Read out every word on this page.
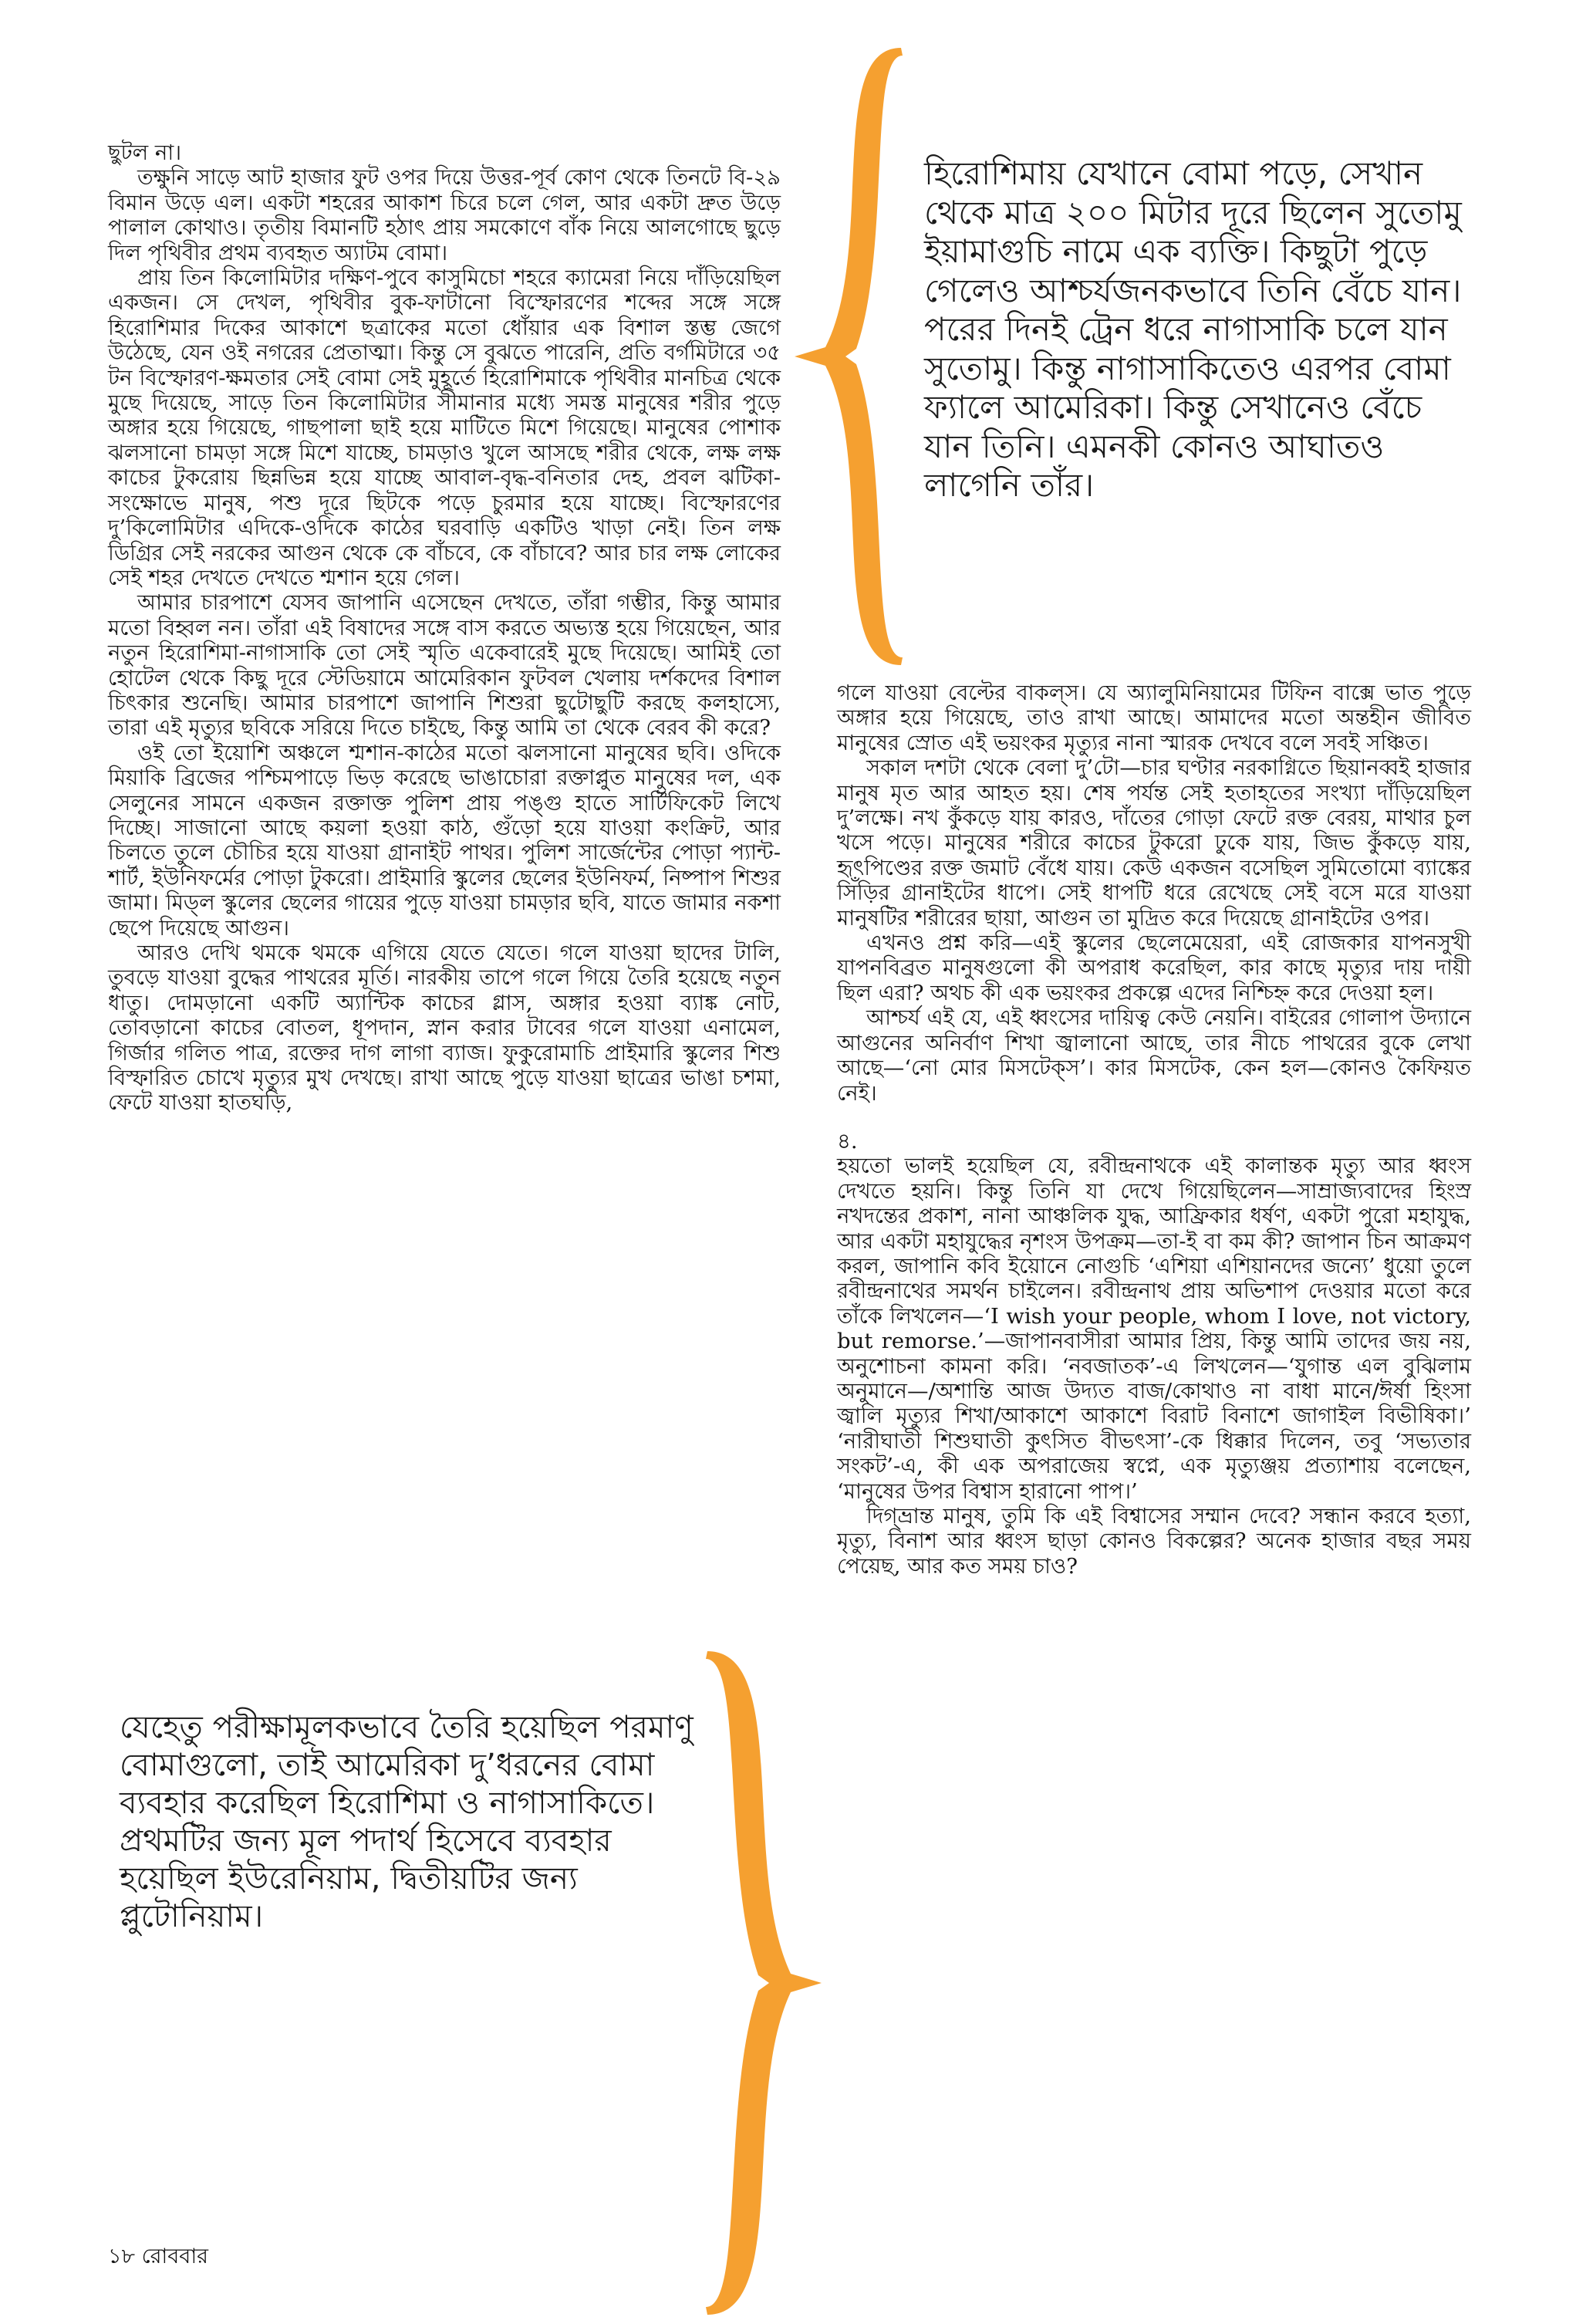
হিরোশিমায় যেখানে বোমা পড়ে, সেখান থেকে মাত্র ২০০ মিটার দূরে ছিলেন সুতোমু ইয়ামাগুচি নামে এক ব্যক্তি। কিছুটা পুড়ে গেলেও আশ্চর্যজনকভাবে তিনি বেঁচে যান। পরের দিনই ট্রেন ধরে নাগাসাকি চলে যান সুতোমু। কিন্তু নাগাসাকিতেও এরপর বোমা ফ্যালে আমেরিকা। কিন্তু সেখানেও বেঁচে যান তিনি। এমনকী কোনও আঘাতও লাগেনি তাঁর।

ছুটল না।

তক্ষুনি সাড়ে আট হাজার ফুট ওপর দিয়ে উত্তর-পূর্ব কোণ থেকে তিনটে বি-২৯ বিমান উড়ে এল। একটা শহরের আকাশ চিরে চলে গেল, আর একটা দ্রুত উড়ে পালাল কোথাও। তৃতীয় বিমানটি হঠাৎ প্রায় সমকোণে বাঁক নিয়ে আলগোছে ছুড়ে দিল পৃথিবীর প্রথম ব্যবহৃত অ্যাটম বোমা।

প্রায় তিন কিলোমিটার দক্ষিণ-পুবে কাসুমিচো শহরে ক্যামেরা নিয়ে দাঁড়িয়েছিল একজন। সে দেখল, পৃথিবীর বুক-ফাটানো বিস্ফোরণের শব্দের সঙ্গে সঙ্গে হিরোশিমার দিকের আকাশে ছত্রাকের মতো ধোঁয়ার এক বিশাল স্তম্ভ জেগে উঠেছে, যেন ওই নগরের প্রেতাত্মা। কিন্তু সে বুঝতে পারেনি, প্রতি বর্গমিটারে ৩৫ টন বিস্ফোরণ-ক্ষমতার সেই বোমা সেই মুহূর্তে হিরোশিমাকে পৃথিবীর মানচিত্র থেকে মুছে দিয়েছে, সাড়ে তিন কিলোমিটার সীমানার মধ্যে সমস্ত মানুষের শরীর পুড়ে অঙ্গার হয়ে গিয়েছে, গাছপালা ছাই হয়ে মাটিতে মিশে গিয়েছে। মানুষের পোশাক ঝলসানো চামড়া সঙ্গে মিশে যাচ্ছে, চামড়াও খুলে আসছে শরীর থেকে, লক্ষ লক্ষ কাচের টুকরোয় ছিন্নভিন্ন হয়ে যাচ্ছে আবাল-বৃদ্ধ-বনিতার দেহ, প্রবল ঝটিকা-সংক্ষোভে মানুষ, পশু দূরে ছিটকে পড়ে চুরমার হয়ে যাচ্ছে। বিস্ফোরণের দু’কিলোমিটার এদিকে-ওদিকে কাঠের ঘরবাড়ি একটিও খাড়া নেই। তিন লক্ষ ডিগ্রির সেই নরকের আগুন থেকে কে বাঁচবে, কে বাঁচাবে? আর চার লক্ষ লোকের সেই শহর দেখতে দেখতে শ্মশান হয়ে গেল।

আমার চারপাশে যেসব জাপানি এসেছেন দেখতে, তাঁরা গম্ভীর, কিন্তু আমার মতো বিহ্বল নন। তাঁরা এই বিষাদের সঙ্গে বাস করতে অভ্যস্ত হয়ে গিয়েছেন, আর নতুন হিরোশিমা-নাগাসাকি তো সেই স্মৃতি একেবারেই মুছে দিয়েছে। আমিই তো হোটেল থেকে কিছু দূরে স্টেডিয়ামে আমেরিকান ফুটবল খেলায় দর্শকদের বিশাল চিৎকার শুনেছি। আমার চারপাশে জাপানি শিশুরা ছুটোছুটি করছে কলহাস্যে, তারা এই মৃত্যুর ছবিকে সরিয়ে দিতে চাইছে, কিন্তু আমি তা থেকে বেরব কী করে?

ওই তো ইয়োশি অঞ্চলে শ্মশান-কাঠের মতো ঝলসানো মানুষের ছবি। ওদিকে মিয়াকি ব্রিজের পশ্চিমপাড়ে ভিড় করেছে ভাঙাচোরা রক্তাপ্লুত মানুষের দল, এক সেলুনের সামনে একজন রক্তাক্ত পুলিশ প্রায় পঙ্গু হাতে সার্টিফিকেট লিখে দিচ্ছে। সাজানো আছে কয়লা হওয়া কাঠ, গুঁড়ো হয়ে যাওয়া কংক্রিট, আর চিলতে তুলে চৌচির হয়ে যাওয়া গ্রানাইট পাথর। পুলিশ সার্জেন্টের পোড়া প্যান্ট-শার্ট, ইউনিফর্মের পোড়া টুকরো। প্রাইমারি স্কুলের ছেলের ইউনিফর্ম, নিষ্পাপ শিশুর জামা। মিড্‌ল স্কুলের ছেলের গায়ের পুড়ে যাওয়া চামড়ার ছবি, যাতে জামার নকশা ছেপে দিয়েছে আগুন।

আরও দেখি থমকে থমকে এগিয়ে যেতে যেতে। গলে যাওয়া ছাদের টালি, তুবড়ে যাওয়া বুদ্ধের পাথরের মূর্তি। নারকীয় তাপে গলে গিয়ে তৈরি হয়েছে নতুন ধাতু। দোমড়ানো একটি অ্যান্টিক কাচের গ্লাস, অঙ্গার হওয়া ব্যাঙ্ক নোট, তোবড়ানো কাচের বোতল, ধূপদান, স্নান করার টাবের গলে যাওয়া এনামেল, গির্জার গলিত পাত্র, রক্তের দাগ লাগা ব্যাজ। ফুকুরোমাচি প্রাইমারি স্কুলের শিশু বিস্ফারিত চোখে মৃত্যুর মুখ দেখছে। রাখা আছে পুড়ে যাওয়া ছাত্রের ভাঙা চশমা, ফেটে যাওয়া হাতঘড়ি,

গলে যাওয়া বেল্টের বাকল্‌স। যে অ্যালুমিনিয়ামের টিফিন বাক্সে ভাত পুড়ে অঙ্গার হয়ে গিয়েছে, তাও রাখা আছে। আমাদের মতো অন্তহীন জীবিত মানুষের স্রোত এই ভয়ংকর মৃত্যুর নানা স্মারক দেখবে বলে সবই সঞ্চিত।

সকাল দশটা থেকে বেলা দু’টো—চার ঘণ্টার নরকাগ্নিতে ছিয়ানব্বই হাজার মানুষ মৃত আর আহত হয়। শেষ পর্যন্ত সেই হতাহতের সংখ্যা দাঁড়িয়েছিল দু’লক্ষে। নখ কুঁকড়ে যায় কারও, দাঁতের গোড়া ফেটে রক্ত বেরয়, মাথার চুল খসে পড়ে। মানুষের শরীরে কাচের টুকরো ঢুকে যায়, জিভ কুঁকড়ে যায়, হৃৎপিণ্ডের রক্ত জমাট বেঁধে যায়। কেউ একজন বসেছিল সুমিতোমো ব্যাঙ্কের সিঁড়ির গ্রানাইটের ধাপে। সেই ধাপটি ধরে রেখেছে সেই বসে মরে যাওয়া মানুষটির শরীরের ছায়া, আগুন তা মুদ্রিত করে দিয়েছে গ্রানাইটের ওপর।

এখনও প্রশ্ন করি—এই স্কুলের ছেলেমেয়েরা, এই রোজকার যাপনসুখী যাপনবিব্রত মানুষগুলো কী অপরাধ করেছিল, কার কাছে মৃত্যুর দায় দায়ী ছিল এরা? অথচ কী এক ভয়ংকর প্রকল্পে এদের নিশ্চিহ্ন করে দেওয়া হল।

আশ্চর্য এই যে, এই ধ্বংসের দায়িত্ব কেউ নেয়নি। বাইরের গোলাপ উদ্যানে আগুনের অনির্বাণ শিখা জ্বালানো আছে, তার নীচে পাথরের বুকে লেখা আছে—‘নো মোর মিসটেক্‌স’। কার মিসটেক, কেন হল—কোনও কৈফিয়ত নেই।

৪.

হয়তো ভালই হয়েছিল যে, রবীন্দ্রনাথকে এই কালান্তক মৃত্যু আর ধ্বংস দেখতে হয়নি। কিন্তু তিনি যা দেখে গিয়েছিলেন—সাম্রাজ্যবাদের হিংস্র নখদন্তের প্রকাশ, নানা আঞ্চলিক যুদ্ধ, আফ্রিকার ধর্ষণ, একটা পুরো মহাযুদ্ধ, আর একটা মহাযুদ্ধের নৃশংস উপক্রম—তা-ই বা কম কী? জাপান চিন আক্রমণ করল, জাপানি কবি ইয়োনে নোগুচি ‘এশিয়া এশিয়ানদের জন্যে’ ধুয়ো তুলে রবীন্দ্রনাথের সমর্থন চাইলেন। রবীন্দ্রনাথ প্রায় অভিশাপ দেওয়ার মতো করে তাঁকে লিখলেন—‘I wish your people, whom I love, not victory, but remorse.’—জাপানবাসীরা আমার প্রিয়, কিন্তু আমি তাদের জয় নয়, অনুশোচনা কামনা করি। ‘নবজাতক’-এ লিখলেন—‘যুগান্ত এল বুঝিলাম অনুমানে—/অশান্তি আজ উদ্যত বাজ/কোথাও না বাধা মানে/ঈর্ষা হিংসা জ্বালি মৃত্যুর শিখা/আকাশে আকাশে বিরাট বিনাশে জাগাইল বিভীষিকা।’ ‘নারীঘাতী শিশুঘাতী কুৎসিত বীভৎসা’-কে ধিক্কার দিলেন, তবু ‘সভ্যতার সংকট’-এ, কী এক অপরাজেয় স্বপ্নে, এক মৃত্যুঞ্জয় প্রত্যাশায় বলেছেন, ‘মানুষের উপর বিশ্বাস হারানো পাপ।’

দিগ্‌ভ্রান্ত মানুষ, তুমি কি এই বিশ্বাসের সম্মান দেবে? সন্ধান করবে হত্যা, মৃত্যু, বিনাশ আর ধ্বংস ছাড়া কোনও বিকল্পের? অনেক হাজার বছর সময় পেয়েছ, আর কত সময় চাও?

যেহেতু পরীক্ষামূলকভাবে তৈরি হয়েছিল পরমাণু বোমাগুলো, তাই আমেরিকা দু’ধরনের বোমা ব্যবহার করেছিল হিরোশিমা ও নাগাসাকিতে। প্রথমটির জন্য মূল পদার্থ হিসেবে ব্যবহার হয়েছিল ইউরেনিয়াম, দ্বিতীয়টির জন্য প্লুটোনিয়াম।
১৮ রোববার
